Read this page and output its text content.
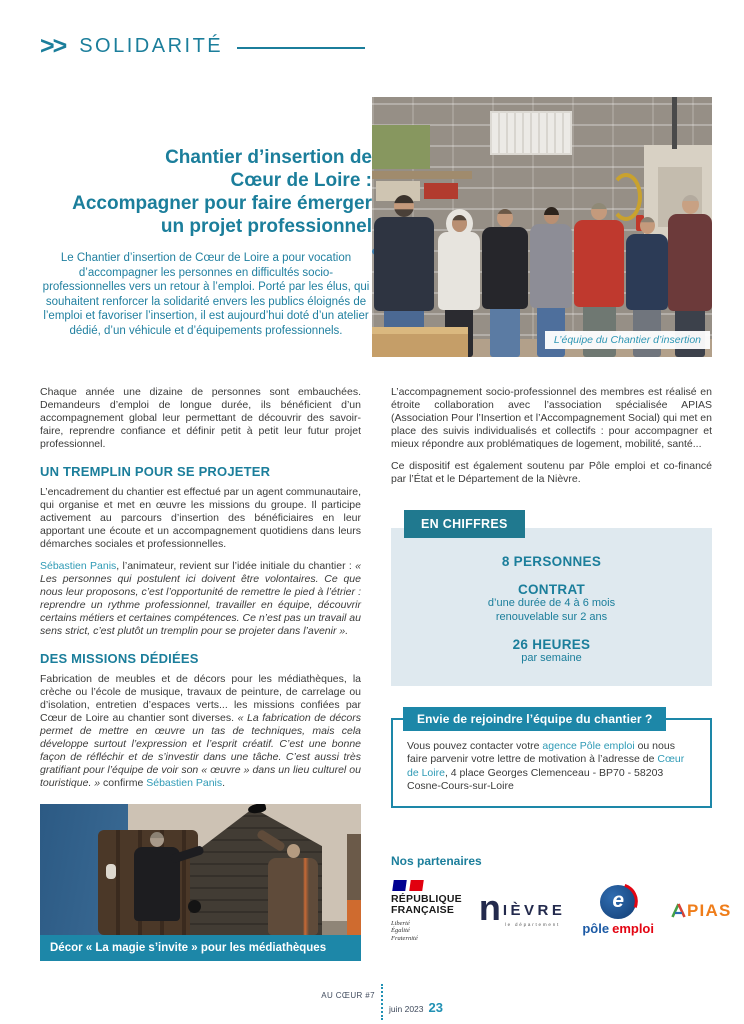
>> SOLIDARITÉ
Chantier d’insertion de
Cœur de Loire :
Accompagner pour faire émerger
un projet professionnel

Le Chantier d’insertion de Cœur de Loire a pour vocation d’accompagner les personnes en difficultés socio-professionnelles vers un retour à l’emploi. Porté par les élus, qui souhaitent renforcer la solidarité envers les publics éloignés de l’emploi et favoriser l’insertion, il est aujourd’hui doté d’un atelier dédié, d’un véhicule et d’équipements professionnels.

L’équipe du Chantier d’insertion

Chaque année une dizaine de personnes sont embauchées. Demandeurs d’emploi de longue durée, ils bénéficient d’un accompagnement global leur permettant de découvrir des savoir-faire, reprendre confiance et définir petit à petit leur futur projet professionnel.

UN TREMPLIN POUR SE PROJETER

L’encadrement du chantier est effectué par un agent communautaire, qui organise et met en œuvre les missions du groupe. Il participe activement au parcours d’insertion des bénéficiaires en leur apportant une écoute et un accompagnement quotidiens dans leurs démarches sociales et professionnelles.

Sébastien Panis, l’animateur, revient sur l’idée initiale du chantier : « Les personnes qui postulent ici doivent être volontaires. Ce que nous leur proposons, c’est l’opportunité de remettre le pied à l’étrier : reprendre un rythme professionnel, travailler en équipe, découvrir certains métiers et certaines compétences. Ce n’est pas un travail au sens strict, c’est plutôt un tremplin pour se projeter dans l’avenir ».

DES MISSIONS DÉDIÉES

Fabrication de meubles et de décors pour les médiathèques, la crèche ou l’école de musique, travaux de peinture, de carrelage ou d’isolation, entretien d’espaces verts... les missions confiées par Cœur de Loire au chantier sont diverses. « La fabrication de décors permet de mettre en œuvre un tas de techniques, mais cela développe surtout l’expression et l’esprit créatif. C’est une bonne façon de réfléchir et de s’investir dans une tâche. C’est aussi très gratifiant pour l’équipe de voir son « œuvre » dans un lieu culturel ou touristique. » confirme Sébastien Panis.

Décor « La magie s’invite » pour les médiathèques

L’accompagnement socio-professionnel des membres est réalisé en étroite collaboration avec l’association spécialisée APIAS (Association Pour l’Insertion et l’Accompagnement Social) qui met en place des suivis individualisés et collectifs : pour accompagner et mieux répondre aux problématiques de logement, mobilité, santé...

Ce dispositif est également soutenu par Pôle emploi et co-financé par l’État et le Département de la Nièvre.

EN CHIFFRES
8 PERSONNES
CONTRAT
d’une durée de 4 à 6 mois
renouvelable sur 2 ans
26 HEURES
par semaine
Envie de rejoindre l’équipe du chantier ?

Vous pouvez contacter votre agence Pôle emploi ou nous faire parvenir votre lettre de motivation à l’adresse de Cœur de Loire, 4 place Georges Clemenceau - BP70 - 58203 Cosne-Cours-sur-Loire

Nos partenaires

RÉPUBLIQUE
FRANÇAISE
Liberté
Égalité
Fraternité
n IÈVRE
le département
e
pôle emploi
PIAS
AU CŒUR #7
juin 2023 23
